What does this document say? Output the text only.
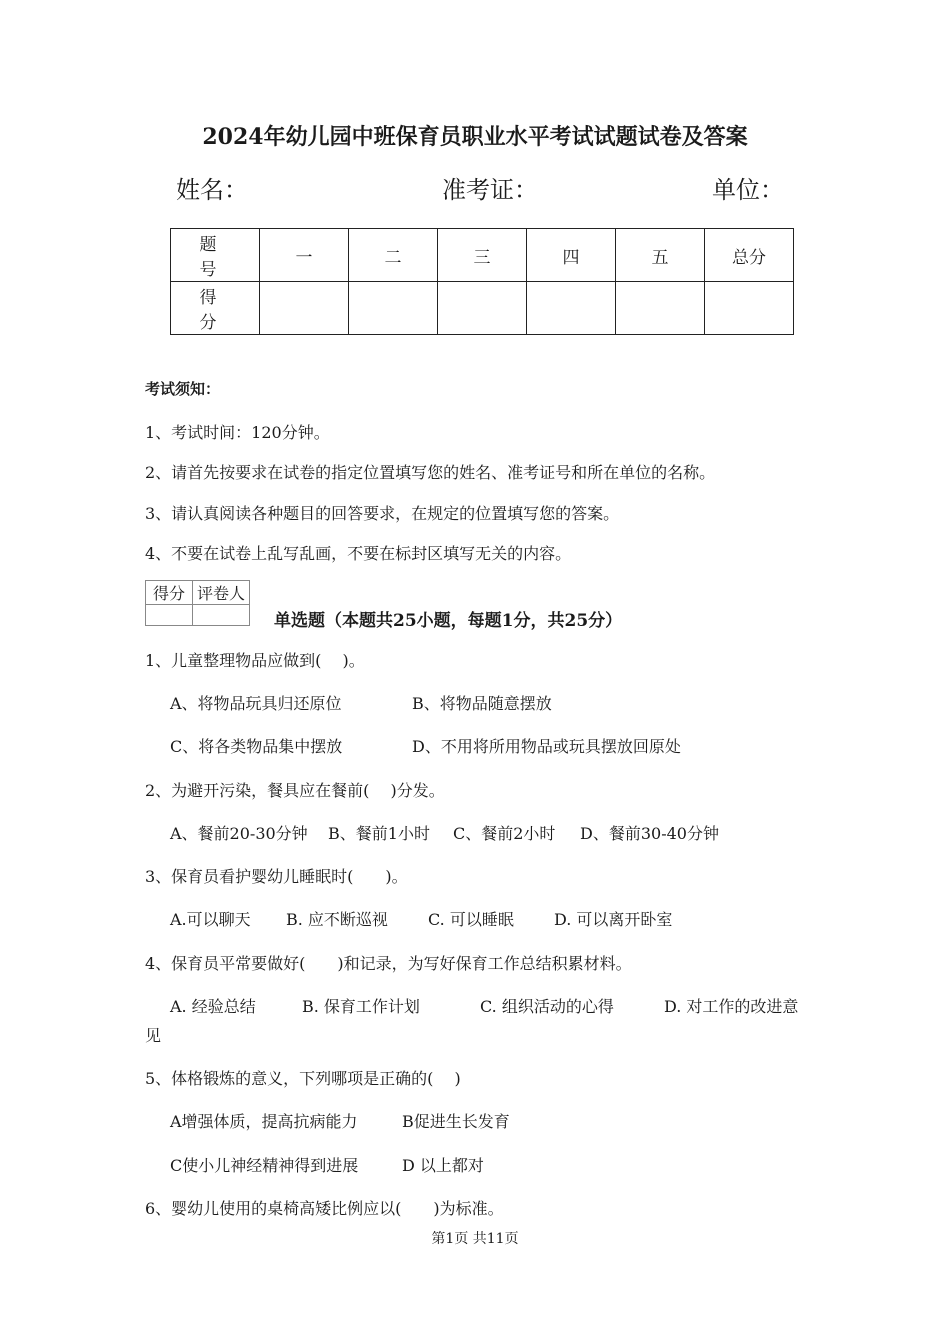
2024年幼儿园中班保育员职业水平考试试题试卷及答案
姓名：	准考证：	单位：
题　号	一	二	三	四	五	总分
得　分						
考试须知：
1、考试时间：120分钟。
2、请首先按要求在试卷的指定位置填写您的姓名、准考证号和所在单位的名称。
3、请认真阅读各种题目的回答要求，在规定的位置填写您的答案。
4、不要在试卷上乱写乱画，不要在标封区填写无关的内容。
得分	评卷人

单选题（本题共25小题，每题1分，共25分）
1、儿童整理物品应做到(　 )。
A、将物品玩具归还原位	B、将物品随意摆放
C、将各类物品集中摆放	D、不用将所用物品或玩具摆放回原处
2、为避开污染，餐具应在餐前(　 )分发。
A、餐前20-30分钟 B、餐前1小时 C、餐前2小时 D、餐前30-40分钟
3、保育员看护婴幼儿睡眠时(　　)。
A.可以聊天 B. 应不断巡视	C. 可以睡眠	D. 可以离开卧室
4、保育员平常要做好(　　)和记录，为写好保育工作总结积累材料。
A. 经验总结	B. 保育工作计划	C. 组织活动的心得	D. 对工作的改进意
见
5、体格锻炼的意义，下列哪项是正确的(　 )
A增强体质，提高抗病能力	B促进生长发育
C使小儿神经精神得到进展	D 以上都对
6、婴幼儿使用的桌椅高矮比例应以(　　)为标准。
第1页 共11页
